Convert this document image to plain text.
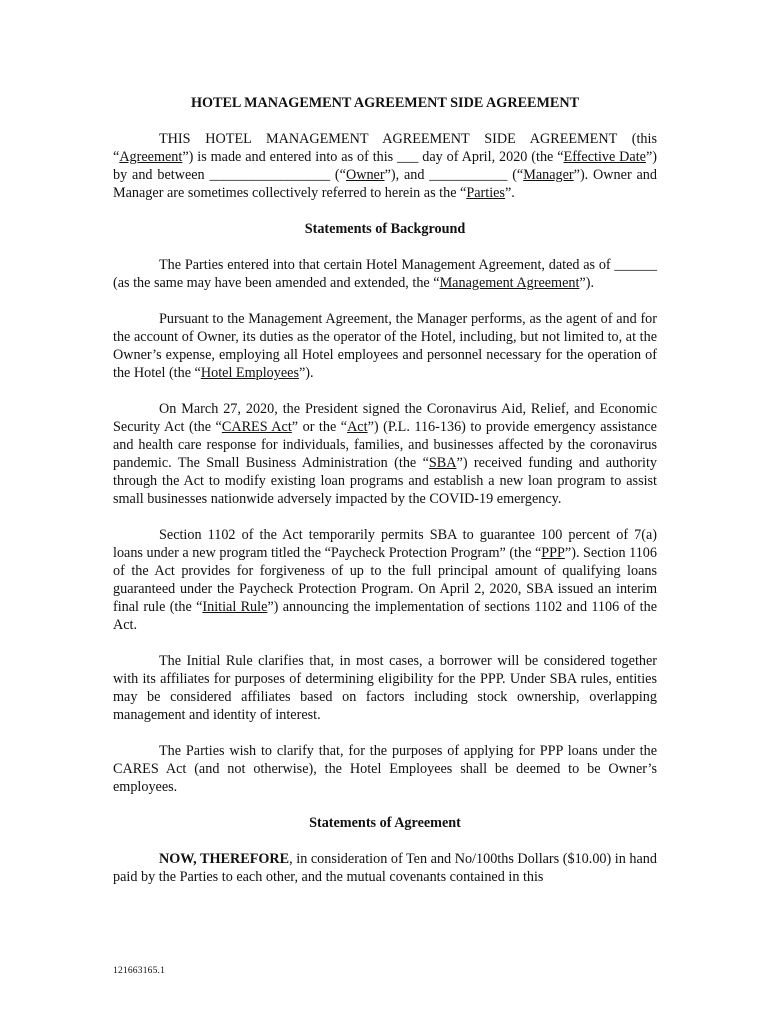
HOTEL MANAGEMENT AGREEMENT SIDE AGREEMENT

THIS HOTEL MANAGEMENT AGREEMENT SIDE AGREEMENT (this “Agreement”) is made and entered into as of this ___ day of April, 2020 (the “Effective Date”) by and between _________________ (“Owner”), and ___________ (“Manager”). Owner and Manager are sometimes collectively referred to herein as the “Parties”.

Statements of Background

The Parties entered into that certain Hotel Management Agreement, dated as of ______ (as the same may have been amended and extended, the “Management Agreement”).

Pursuant to the Management Agreement, the Manager performs, as the agent of and for the account of Owner, its duties as the operator of the Hotel, including, but not limited to, at the Owner’s expense, employing all Hotel employees and personnel necessary for the operation of the Hotel (the “Hotel Employees”).

On March 27, 2020, the President signed the Coronavirus Aid, Relief, and Economic Security Act (the “CARES Act” or the “Act”) (P.L. 116-136) to provide emergency assistance and health care response for individuals, families, and businesses affected by the coronavirus pandemic. The Small Business Administration (the “SBA”) received funding and authority through the Act to modify existing loan programs and establish a new loan program to assist small businesses nationwide adversely impacted by the COVID-19 emergency.

Section 1102 of the Act temporarily permits SBA to guarantee 100 percent of 7(a) loans under a new program titled the “Paycheck Protection Program” (the “PPP”). Section 1106 of the Act provides for forgiveness of up to the full principal amount of qualifying loans guaranteed under the Paycheck Protection Program. On April 2, 2020, SBA issued an interim final rule (the “Initial Rule”) announcing the implementation of sections 1102 and 1106 of the Act.

The Initial Rule clarifies that, in most cases, a borrower will be considered together with its affiliates for purposes of determining eligibility for the PPP. Under SBA rules, entities may be considered affiliates based on factors including stock ownership, overlapping management and identity of interest.

The Parties wish to clarify that, for the purposes of applying for PPP loans under the CARES Act (and not otherwise), the Hotel Employees shall be deemed to be Owner’s employees.

Statements of Agreement

NOW, THEREFORE, in consideration of Ten and No/100ths Dollars ($10.00) in hand paid by the Parties to each other, and the mutual covenants contained in this

121663165.1
